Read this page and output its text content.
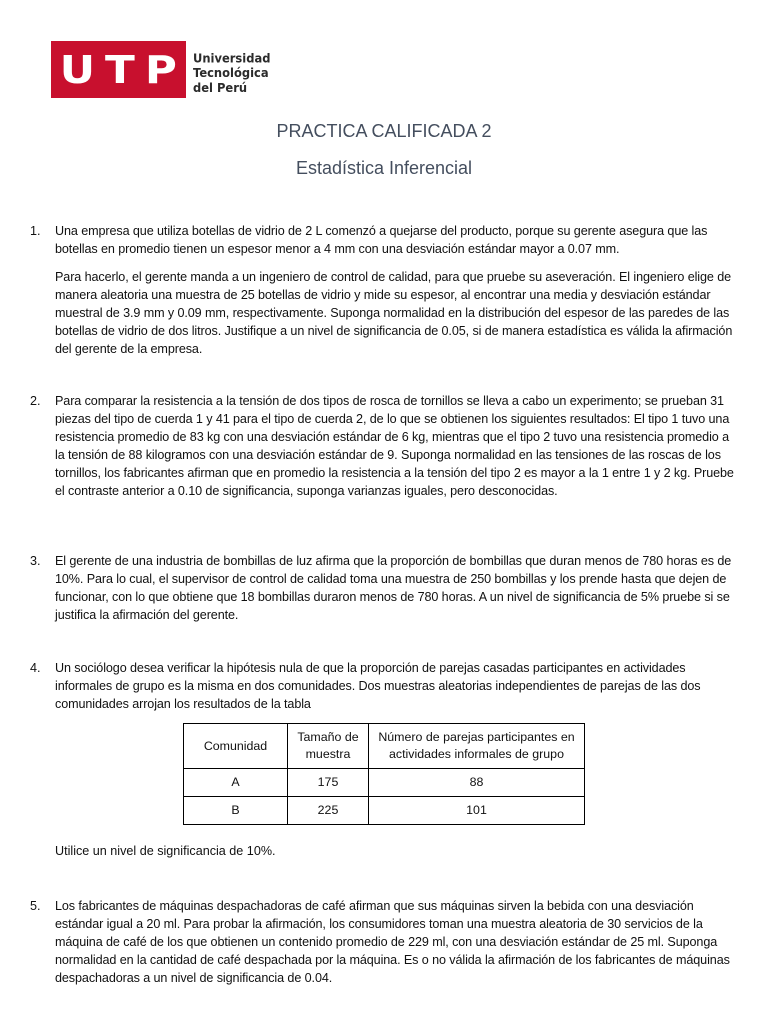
U T P Universidad
Tecnológica
del Perú
PRACTICA CALIFICADA 2
Estadística Inferencial
1.	Una empresa que utiliza botellas de vidrio de 2 L comenzó a quejarse del producto, porque su gerente asegura que las botellas en promedio tienen un espesor menor a 4 mm con una desviación estándar mayor a 0.07 mm.
Para hacerlo, el gerente manda a un ingeniero de control de calidad, para que pruebe su aseveración. El ingeniero elige de manera aleatoria una muestra de 25 botellas de vidrio y mide su espesor, al encontrar una media y desviación estándar muestral de 3.9 mm y 0.09 mm, respectivamente. Suponga normalidad en la distribución del espesor de las paredes de las botellas de vidrio de dos litros. Justifique a un nivel de significancia de 0.05, si de manera estadística es válida la afirmación del gerente de la empresa.
2.	Para comparar la resistencia a la tensión de dos tipos de rosca de tornillos se lleva a cabo un experimento; se prueban 31 piezas del tipo de cuerda 1 y 41 para el tipo de cuerda 2, de lo que se obtienen los siguientes resultados: El tipo 1 tuvo una resistencia promedio de 83 kg con una desviación estándar de 6 kg, mientras que el tipo 2 tuvo una resistencia promedio a la tensión de 88 kilogramos con una desviación estándar de 9. Suponga normalidad en las tensiones de las roscas de los tornillos, los fabricantes afirman que en promedio la resistencia a la tensión del tipo 2 es mayor a la 1 entre 1 y 2 kg. Pruebe el contraste anterior a 0.10 de significancia, suponga varianzas iguales, pero desconocidas.
3.	El gerente de una industria de bombillas de luz afirma que la proporción de bombillas que duran menos de 780 horas es de 10%. Para lo cual, el supervisor de control de calidad toma una muestra de 250 bombillas y los prende hasta que dejen de funcionar, con lo que obtiene que 18 bombillas duraron menos de 780 horas. A un nivel de significancia de 5% pruebe si se justifica la afirmación del gerente.
4.	Un sociólogo desea verificar la hipótesis nula de que la proporción de parejas casadas participantes en actividades informales de grupo es la misma en dos comunidades. Dos muestras aleatorias independientes de parejas de las dos comunidades arrojan los resultados de la tabla
Comunidad	Tamaño de muestra	Número de parejas participantes en actividades informales de grupo
A	175	88
B	225	101
Utilice un nivel de significancia de 10%.
5.	Los fabricantes de máquinas despachadoras de café afirman que sus máquinas sirven la bebida con una desviación estándar igual a 20 ml. Para probar la afirmación, los consumidores toman una muestra aleatoria de 30 servicios de la máquina de café de los que obtienen un contenido promedio de 229 ml, con una desviación estándar de 25 ml. Suponga normalidad en la cantidad de café despachada por la máquina. Es o no válida la afirmación de los fabricantes de máquinas despachadoras a un nivel de significancia de 0.04.
